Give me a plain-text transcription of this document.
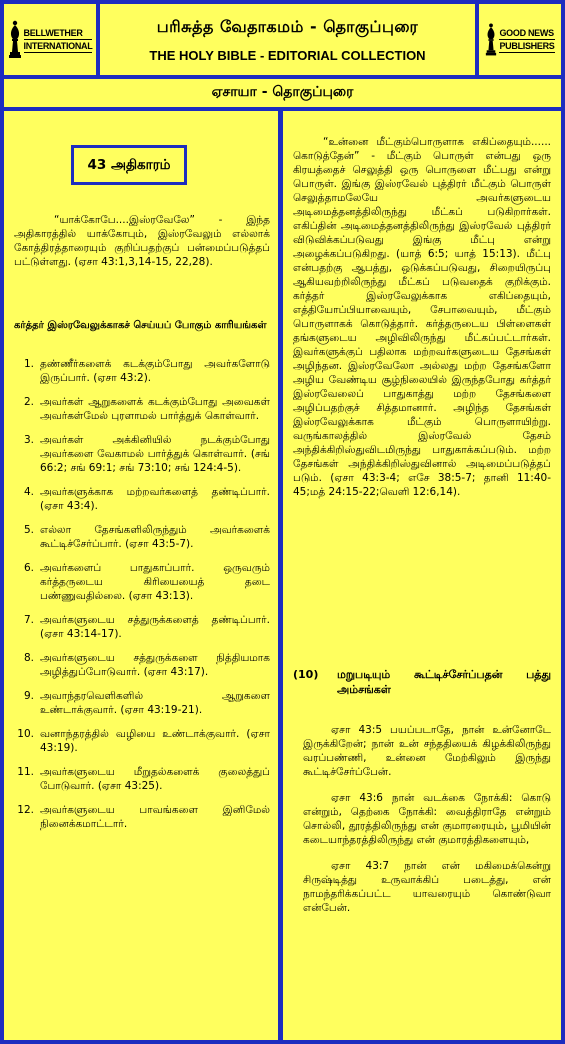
BELLWETHER
INTERNATIONAL
பரிசுத்த வேதாகமம் - தொகுப்புரை
THE HOLY BIBLE - EDITORIAL COLLECTION
GOOD NEWS
PUBLISHERS
ஏசாயா - தொகுப்புரை
43 அதிகாரம்
“யாக்கோபே....இஸ்ரவேலே” - இந்த அதிகாரத்தில் யாக்கோபும், இஸ்ரவேலும் எல்லாக் கோத்திரத்தாரையும் குறிப்பதற்குப் பன்மைப்படுத்தப் பட்டுள்ளது. (ஏசா 43:1,3,14-15, 22,28).
கர்த்தர் இஸ்ரவேலுக்காகச் செய்யப் போகும் காரியங்கள்
1. தண்ணீர்களைக் கடக்கும்போது அவர்களோடு இருப்பார். (ஏசா 43:2).
2. அவர்கள் ஆறுகளைக் கடக்கும்போது அவைகள் அவர்கள்மேல் புரளாமல் பார்த்துக் கொள்வார்.
3. அவர்கள் அக்கினியில் நடக்கும்போது அவர்களை வேகாமல் பார்த்துக் கொள்வார். (சங் 66:2; சங் 69:1; சங் 73:10; சங் 124:4-5).
4. அவர்களுக்காக மற்றவர்களைத் தண்டிப்பார். (ஏசா 43:4).
5. எல்லா தேசங்களிலிருந்தும் அவர்களைக் கூட்டிச்சேர்ப்பார். (ஏசா 43:5-7).
6. அவர்களைப் பாதுகாப்பார். ஒருவரும் கர்த்தருடைய கிரியையைத் தடை பண்ணுவதில்லை. (ஏசா 43:13).
7. அவர்களுடைய சத்துருக்களைத் தண்டிப்பார். (ஏசா 43:14-17).
8. அவர்களுடைய சத்துருக்களை நித்தியமாக அழித்துப்போடுவார். (ஏசா 43:17).
9. அவாந்தரவெளிகளில் ஆறுகளை உண்டாக்குவார். (ஏசா 43:19-21).
10. வனாந்தரத்தில் வழியை உண்டாக்குவார். (ஏசா 43:19).
11. அவர்களுடைய மீறுதல்களைக் குலைத்துப் போடுவார். (ஏசா 43:25).
12. அவர்களுடைய பாவங்களை இனிமேல் நினைக்கமாட்டார்.
“உன்னை மீட்கும்பொருளாக எகிப்தையும்...... கொடுத்தேன்” - மீட்கும் பொருள் என்பது ஒரு கிரயத்தைச் செலுத்தி ஒரு பொருளை மீட்பது என்று பொருள். இங்கு இஸ்ரவேல் புத்திரர் மீட்கும் பொருள் செலுத்தாமலேயே அவர்களுடைய அடிமைத்தனத்திலிருந்து மீட்கப் படுகிறார்கள். எகிப்தின் அடிமைத்தனத்திலிருந்து இஸ்ரவேல் புத்திரர் விடுவிக்கப்படுவது இங்கு மீட்பு என்று அழைக்கப்படுகிறது. (யாத் 6:5; யாத் 15:13). மீட்பு என்பதற்கு ஆபத்து, ஒடுக்கப்படுவது, சிறையிருப்பு ஆகியவற்றிலிருந்து மீட்கப் படுவதைக் குறிக்கும். கர்த்தர் இஸ்ரவேலுக்காக எகிப்தையும், எத்தியோப்பியாவையும், சேபாவையும், மீட்கும் பொருளாகக் கொடுத்தார். கர்த்தருடைய பிள்ளைகள் தங்களுடைய அழிவிலிருந்து மீட்கப்பட்டார்கள். இவர்களுக்குப் பதிலாக மற்றவர்களுடைய தேசங்கள் அழிந்தன. இஸ்ரவேலோ அல்லது மற்ற தேசங்களோ அழிய வேண்டிய சூழ்நிலையில் இருந்தபோது கர்த்தர் இஸ்ரவேலைப் பாதுகாத்து மற்ற தேசங்களை அழிப்பதற்குச் சித்தமானார். அழிந்த தேசங்கள் இஸ்ரவேலுக்காக மீட்கும் பொருளாயிற்று. வருங்காலத்தில் இஸ்ரவேல் தேசம் அந்திக்கிறிஸ்துவிடமிருந்து பாதுகாக்கப்படும். மற்ற தேசங்கள் அந்திக்கிறிஸ்துவினால் அடிமைப்படுத்தப் படும். (ஏசா 43:3-4; எசே 38:5-7; தானி 11:40-45;மத் 24:15-22;வெளி 12:6,14).
(10)	மறுபடியும் கூட்டிச்சேர்ப்பதன் பத்து அம்சங்கள்

ஏசா 43:5 பயப்படாதே, நான் உன்னோடே இருக்கிறேன்; நான் உன் சந்ததியைக் கிழக்கிலிருந்து வரப்பண்ணி, உன்னை மேற்கிலும் இருந்து கூட்டிச்சேர்ப்பேன்.

ஏசா 43:6 நான் வடக்கை நோக்கி: கொடு என்றும், தெற்கை நோக்கி: வைத்திராதே என்றும் சொல்லி, தூரத்திலிருந்து என் குமாரரையும், பூமியின் கடையாந்தரத்திலிருந்து என் குமாரத்திகளையும்,

ஏசா 43:7 நான் என் மகிமைக்கென்று சிருஷ்டித்து உருவாக்கிப் படைத்து, என் நாமந்தரிக்கப்பட்ட யாவரையும் கொண்டுவா என்பேன்.
